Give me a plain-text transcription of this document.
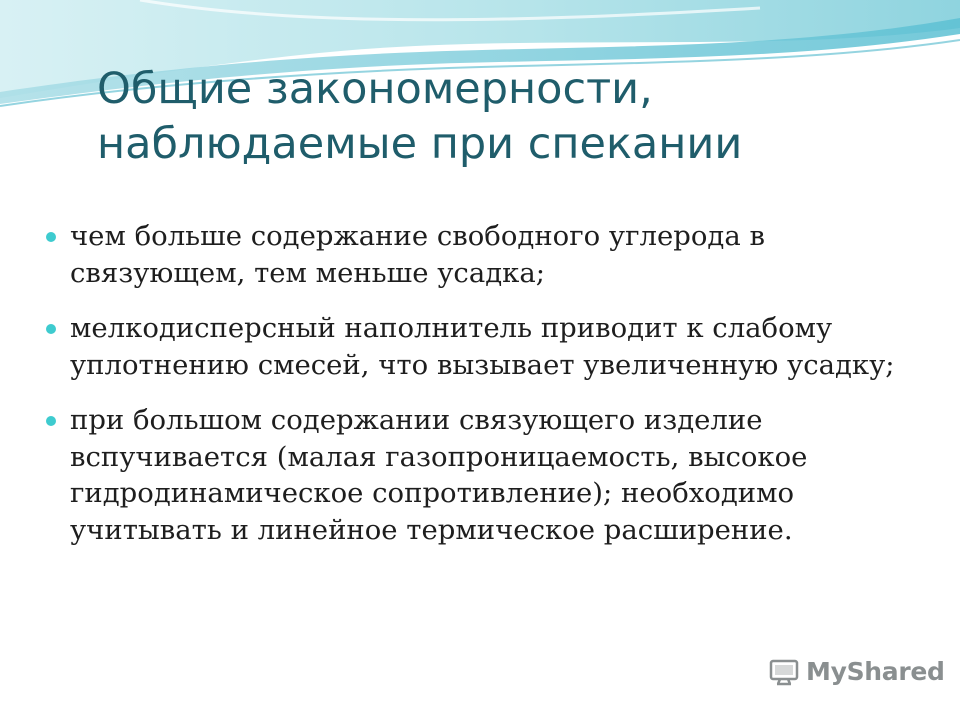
Общие закономерности,
наблюдаемые при спекании
чем больше содержание свободного углерода в связующем, тем меньше усадка;
мелкодисперсный наполнитель приводит к слабому уплотнению смесей, что вызывает увеличенную усадку;
при большом содержании связующего изделие вспучивается (малая газопроницаемость, высокое гидродинамическое сопротивление); необходимо учитывать и линейное термическое расширение.
MyShared
